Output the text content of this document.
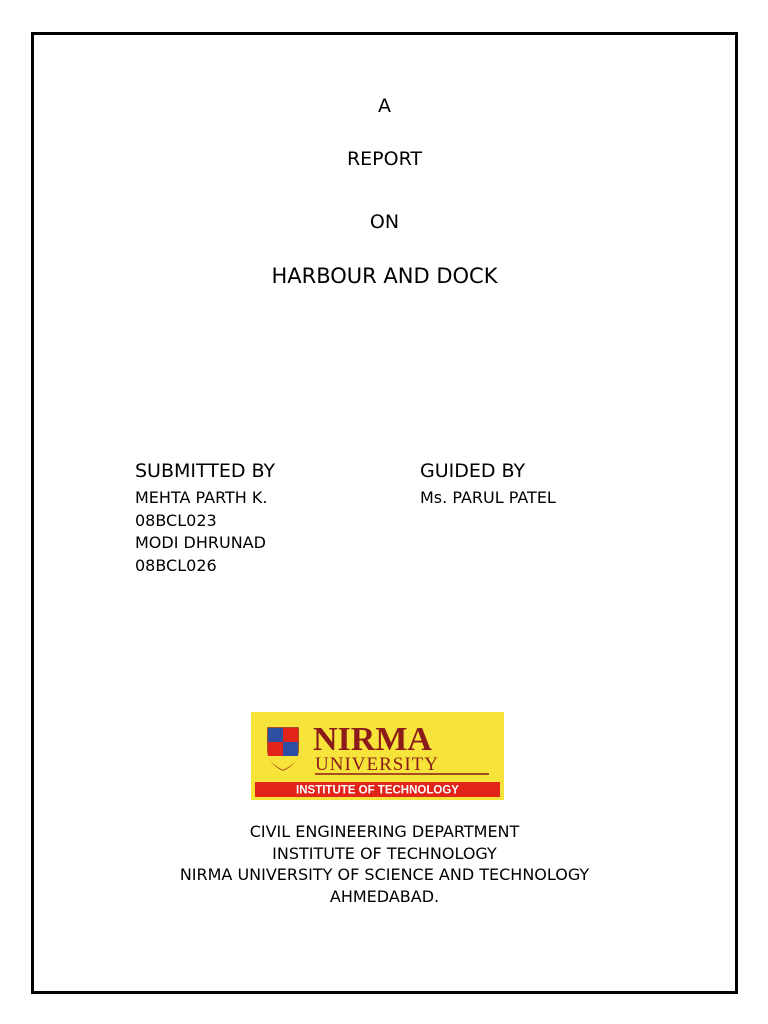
A
REPORT
ON
HARBOUR AND DOCK
SUBMITTED BY
MEHTA PARTH K.
08BCL023
MODI DHRUNAD
08BCL026
GUIDED BY
Ms. PARUL PATEL
NIRMA
UNIVERSITY
INSTITUTE OF TECHNOLOGY
CIVIL ENGINEERING DEPARTMENT
INSTITUTE OF TECHNOLOGY
NIRMA UNIVERSITY OF SCIENCE AND TECHNOLOGY
AHMEDABAD.
